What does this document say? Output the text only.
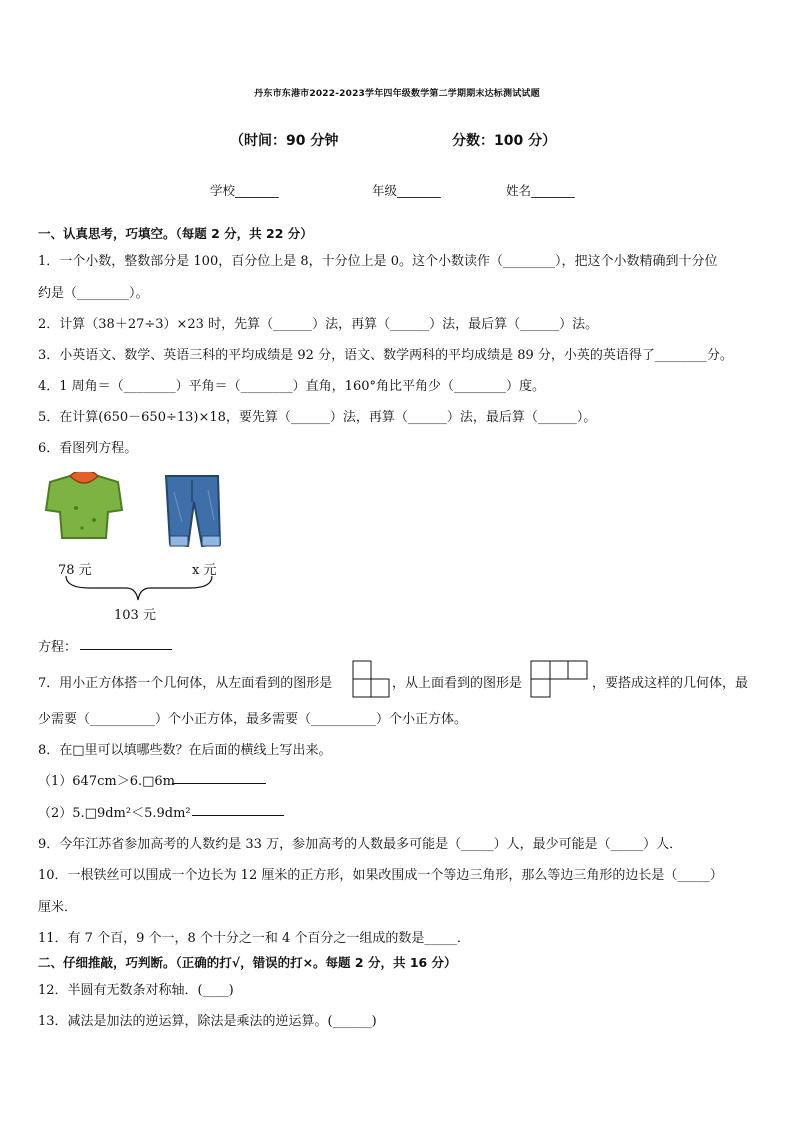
丹东市东港市2022-2023学年四年级数学第二学期期末达标测试试题
（时间：90 分钟	分数：100 分）
学校_______	年级_______	姓名_______
一、认真思考，巧填空。（每题 2 分，共 22 分）
1．一个小数，整数部分是 100，百分位上是 8，十分位上是 0。这个小数读作（________），把这个小数精确到十分位
约是（________）。
2．计算（38＋27÷3）×23 时，先算（______）法，再算（______）法，最后算（______）法。
3．小英语文、数学、英语三科的平均成绩是 92 分，语文、数学两科的平均成绩是 89 分，小英的英语得了________分。
4．1 周角＝（________）平角＝（________）直角，160°角比平角少（________）度。
5．在计算(650－650÷13)×18，要先算（______）法，再算（______）法，最后算（______）。
6．看图列方程。
78 元	x 元
103 元
方程：
7．用小正方体搭一个几何体，从左面看到的图形是	，从上面看到的图形是	，要搭成这样的几何体，最
少需要（__________）个小正方体，最多需要（__________）个小正方体。
8．在□里可以填哪些数？在后面的横线上写出来。
（1）647cm＞6.□6m
（2）5.□9dm²＜5.9dm²
9．今年江苏省参加高考的人数约是 33 万，参加高考的人数最多可能是（_____）人，最少可能是（_____）人．
10．一根铁丝可以围成一个边长为 12 厘米的正方形，如果改围成一个等边三角形，那么等边三角形的边长是（_____）
厘米．
11．有 7 个百，9 个一，8 个十分之一和 4 个百分之一组成的数是_____．
二、仔细推敲，巧判断。（正确的打√，错误的打×。每题 2 分，共 16 分）
12．半圆有无数条对称轴．(____)
13．减法是加法的逆运算，除法是乘法的逆运算。(______)
